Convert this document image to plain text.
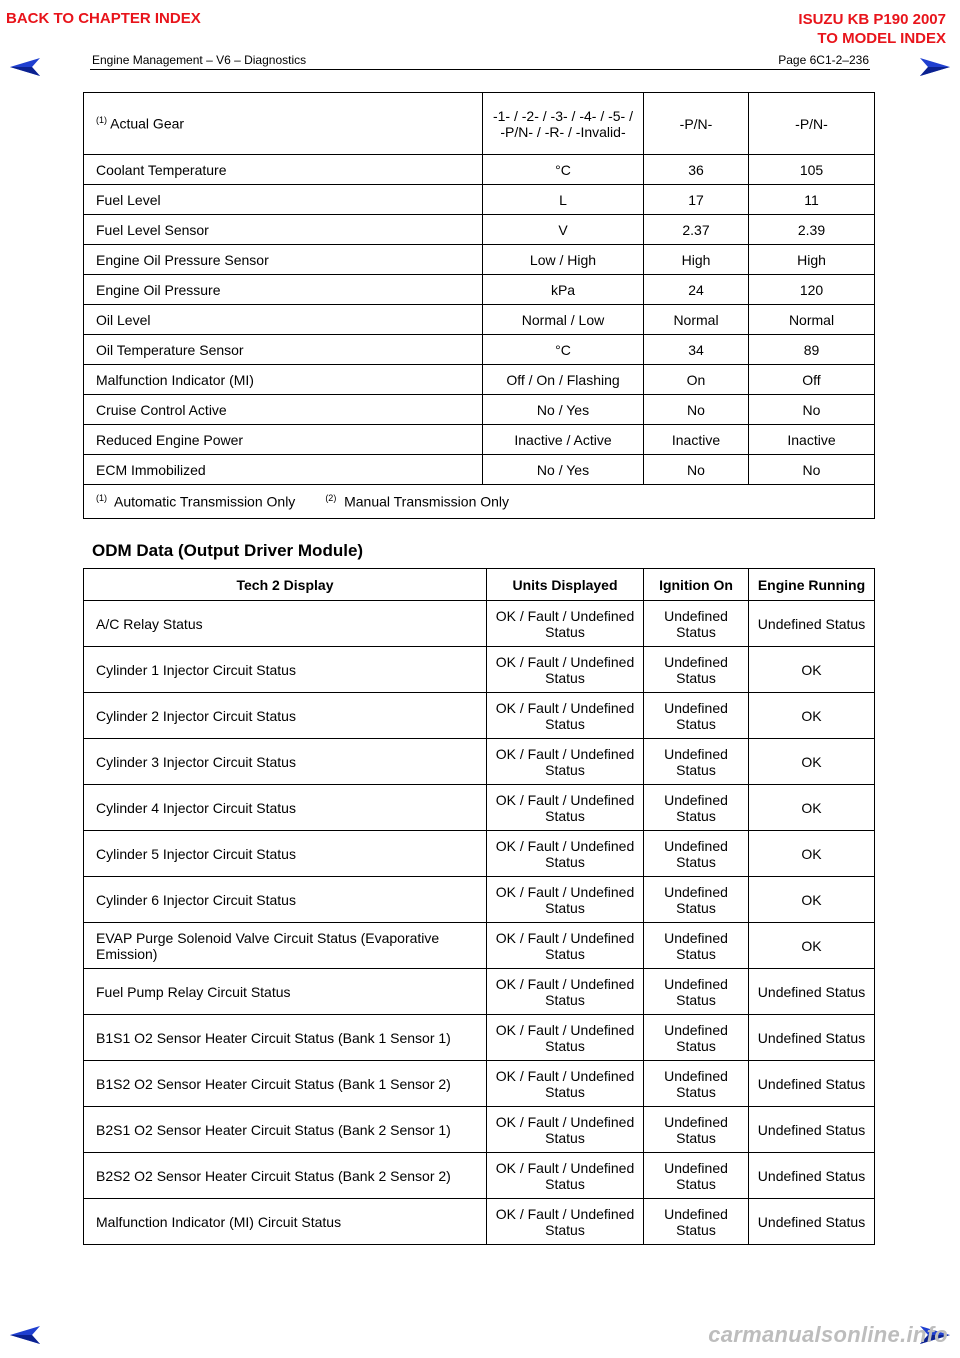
BACK TO CHAPTER INDEX	ISUZU KB P190 2007
TO MODEL INDEX
Engine Management – V6 – Diagnostics	Page 6C1-2–236
$^{(1)}$ Actual Gear	-1- / -2- / -3- / -4- / -5- / -P/N- / -R- / -Invalid-	-P/N-	-P/N-
Coolant Temperature	°C	36	105
Fuel Level	L	17	11
Fuel Level Sensor	V	2.37	2.39
Engine Oil Pressure Sensor	Low / High	High	High
Engine Oil Pressure	kPa	24	120
Oil Level	Normal / Low	Normal	Normal
Oil Temperature Sensor	°C	34	89
Malfunction Indicator (MI)	Off / On / Flashing	On	Off
Cruise Control Active	No / Yes	No	No
Reduced Engine Power	Inactive / Active	Inactive	Inactive
ECM Immobilized	No / Yes	No	No
$^{(1)}$ Automatic Transmission Only $^{(2)}$ Manual Transmission Only			
ODM Data (Output Driver Module)
Tech 2 Display	Units Displayed	Ignition On	Engine Running
A/C Relay Status	OK / Fault / Undefined Status	Undefined Status	Undefined Status
Cylinder 1 Injector Circuit Status	OK / Fault / Undefined Status	Undefined Status	OK
Cylinder 2 Injector Circuit Status	OK / Fault / Undefined Status	Undefined Status	OK
Cylinder 3 Injector Circuit Status	OK / Fault / Undefined Status	Undefined Status	OK
Cylinder 4 Injector Circuit Status	OK / Fault / Undefined Status	Undefined Status	OK
Cylinder 5 Injector Circuit Status	OK / Fault / Undefined Status	Undefined Status	OK
Cylinder 6 Injector Circuit Status	OK / Fault / Undefined Status	Undefined Status	OK
EVAP Purge Solenoid Valve Circuit Status (Evaporative Emission)	OK / Fault / Undefined Status	Undefined Status	OK
Fuel Pump Relay Circuit Status	OK / Fault / Undefined Status	Undefined Status	Undefined Status
B1S1 O2 Sensor Heater Circuit Status (Bank 1 Sensor 1)	OK / Fault / Undefined Status	Undefined Status	Undefined Status
B1S2 O2 Sensor Heater Circuit Status (Bank 1 Sensor 2)	OK / Fault / Undefined Status	Undefined Status	Undefined Status
B2S1 O2 Sensor Heater Circuit Status (Bank 2 Sensor 1)	OK / Fault / Undefined Status	Undefined Status	Undefined Status
B2S2 O2 Sensor Heater Circuit Status (Bank 2 Sensor 2)	OK / Fault / Undefined Status	Undefined Status	Undefined Status
Malfunction Indicator (MI) Circuit Status	OK / Fault / Undefined Status	Undefined Status	Undefined Status
carmanualsonline.info
